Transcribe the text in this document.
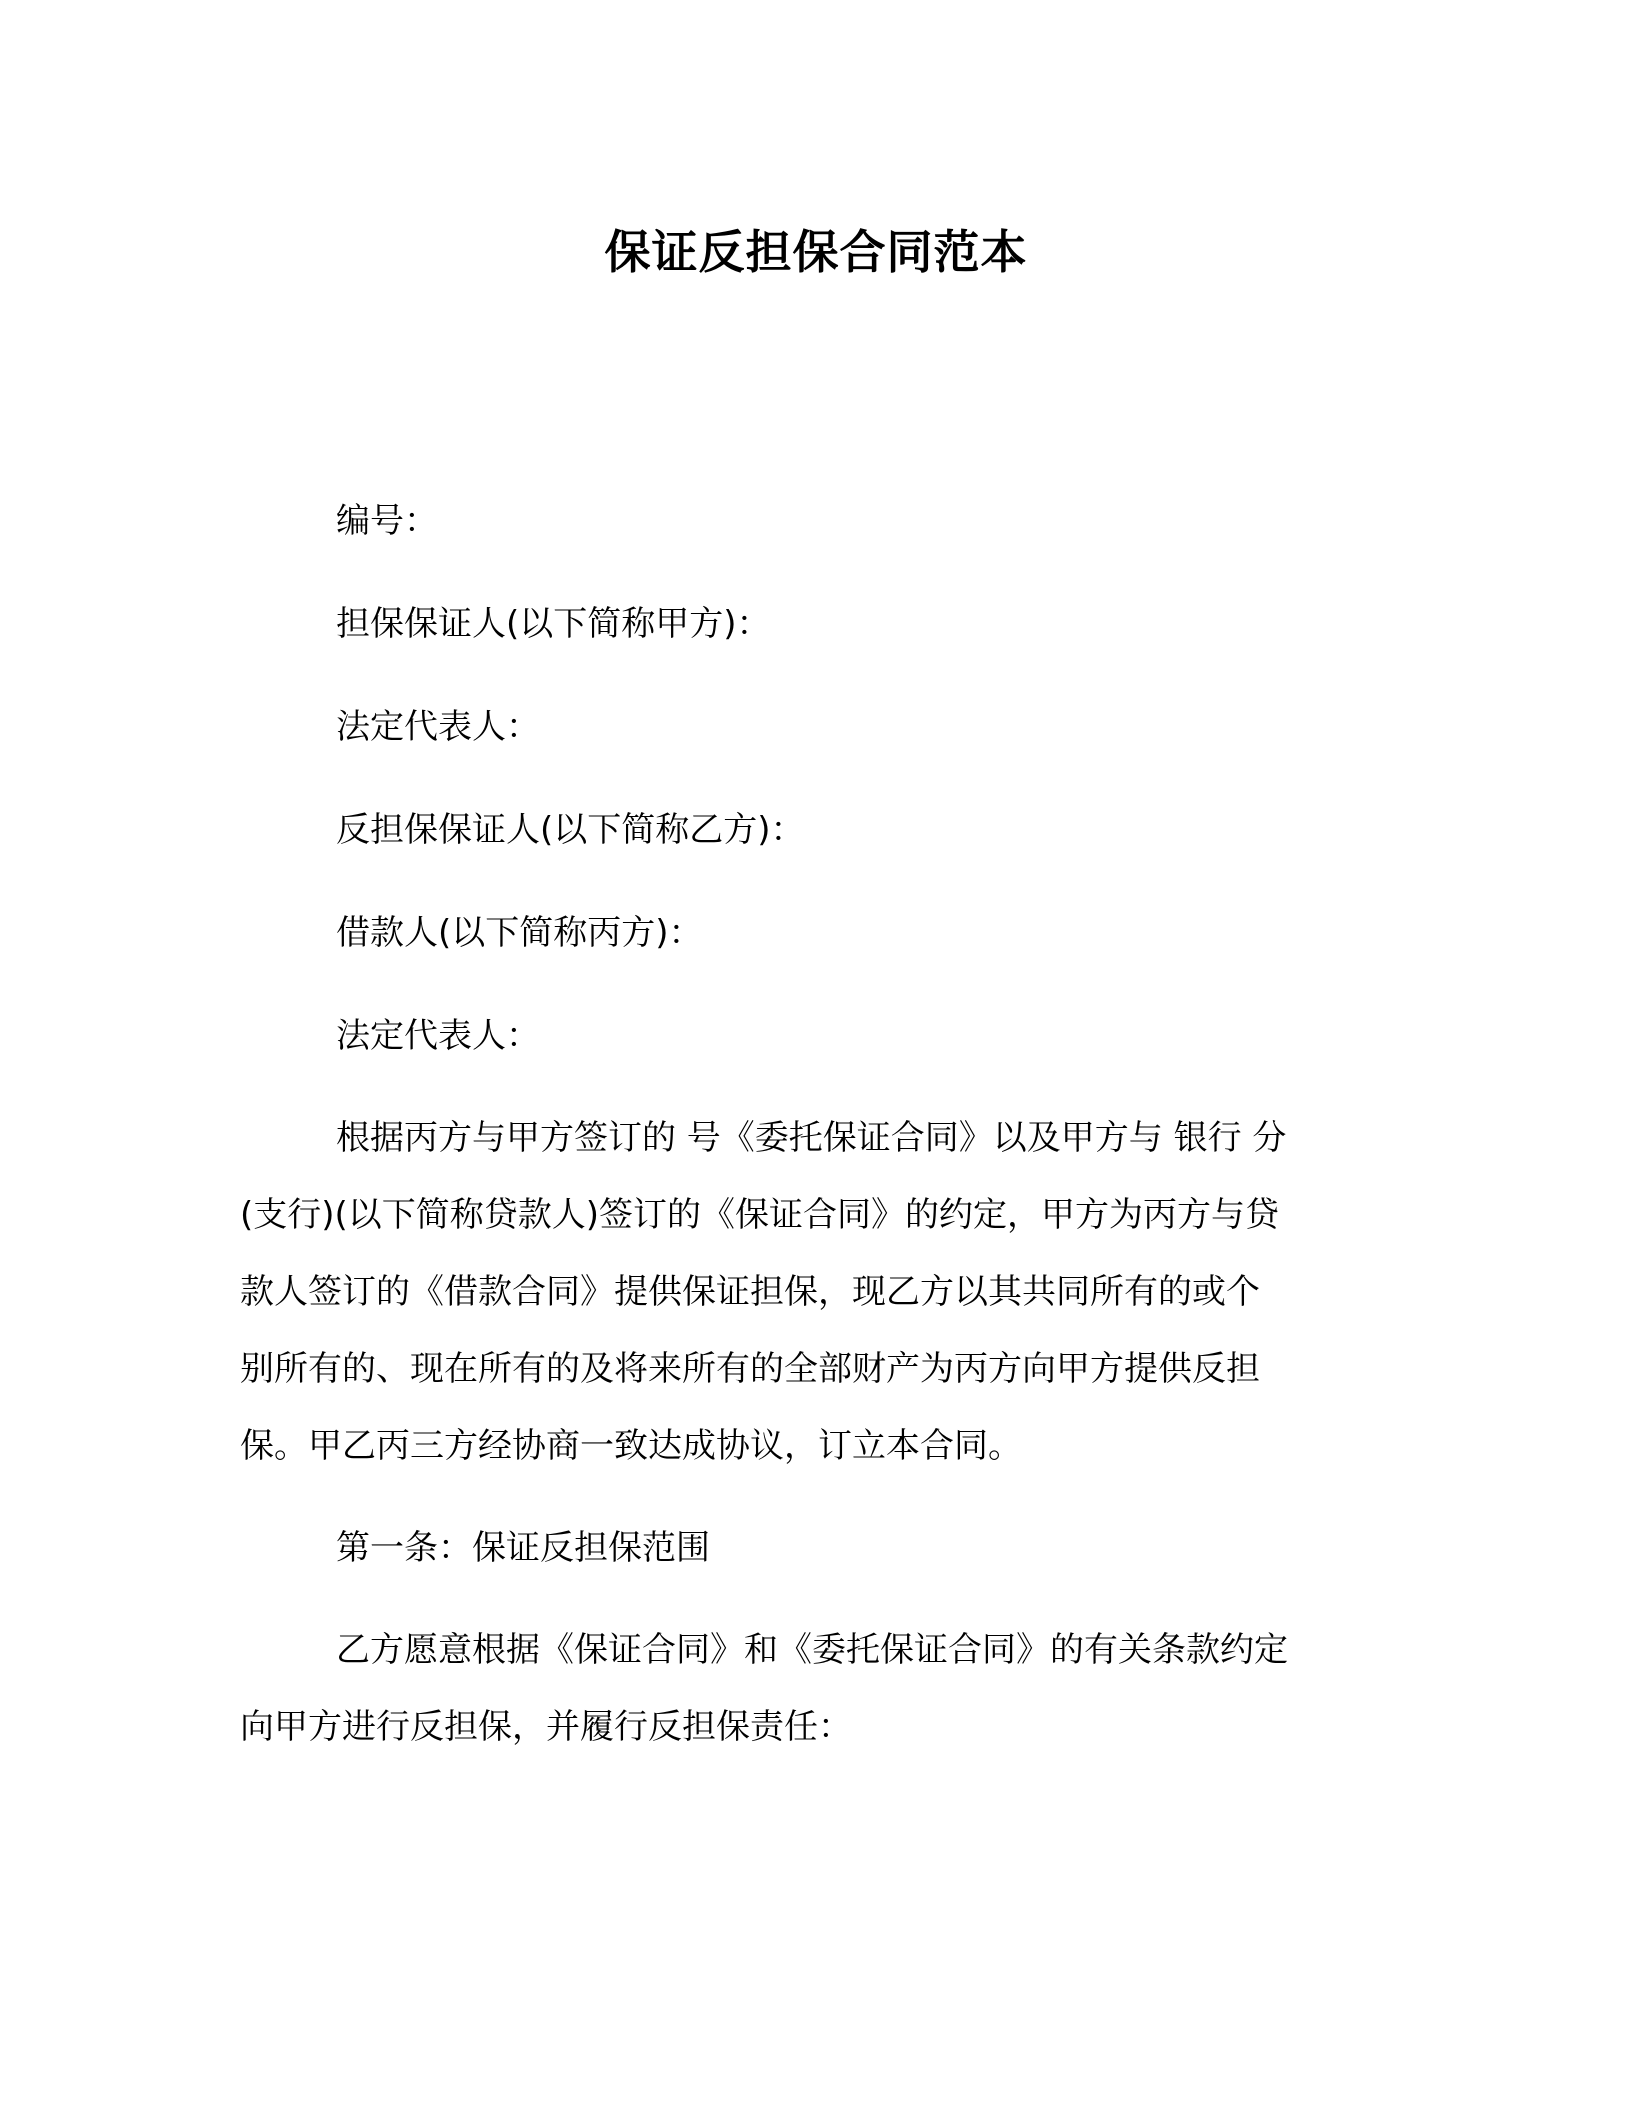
保证反担保合同范本
编号：
担保保证人(以下简称甲方)：
法定代表人：
反担保保证人(以下简称乙方)：
借款人(以下简称丙方)：
法定代表人：
根据丙方与甲方签订的 号《委托保证合同》以及甲方与 银行 分
(支行)(以下简称贷款人)签订的《保证合同》的约定，甲方为丙方与贷
款人签订的《借款合同》提供保证担保，现乙方以其共同所有的或个
别所有的、现在所有的及将来所有的全部财产为丙方向甲方提供反担
保。甲乙丙三方经协商一致达成协议，订立本合同。
第一条：保证反担保范围
乙方愿意根据《保证合同》和《委托保证合同》的有关条款约定
向甲方进行反担保，并履行反担保责任：
